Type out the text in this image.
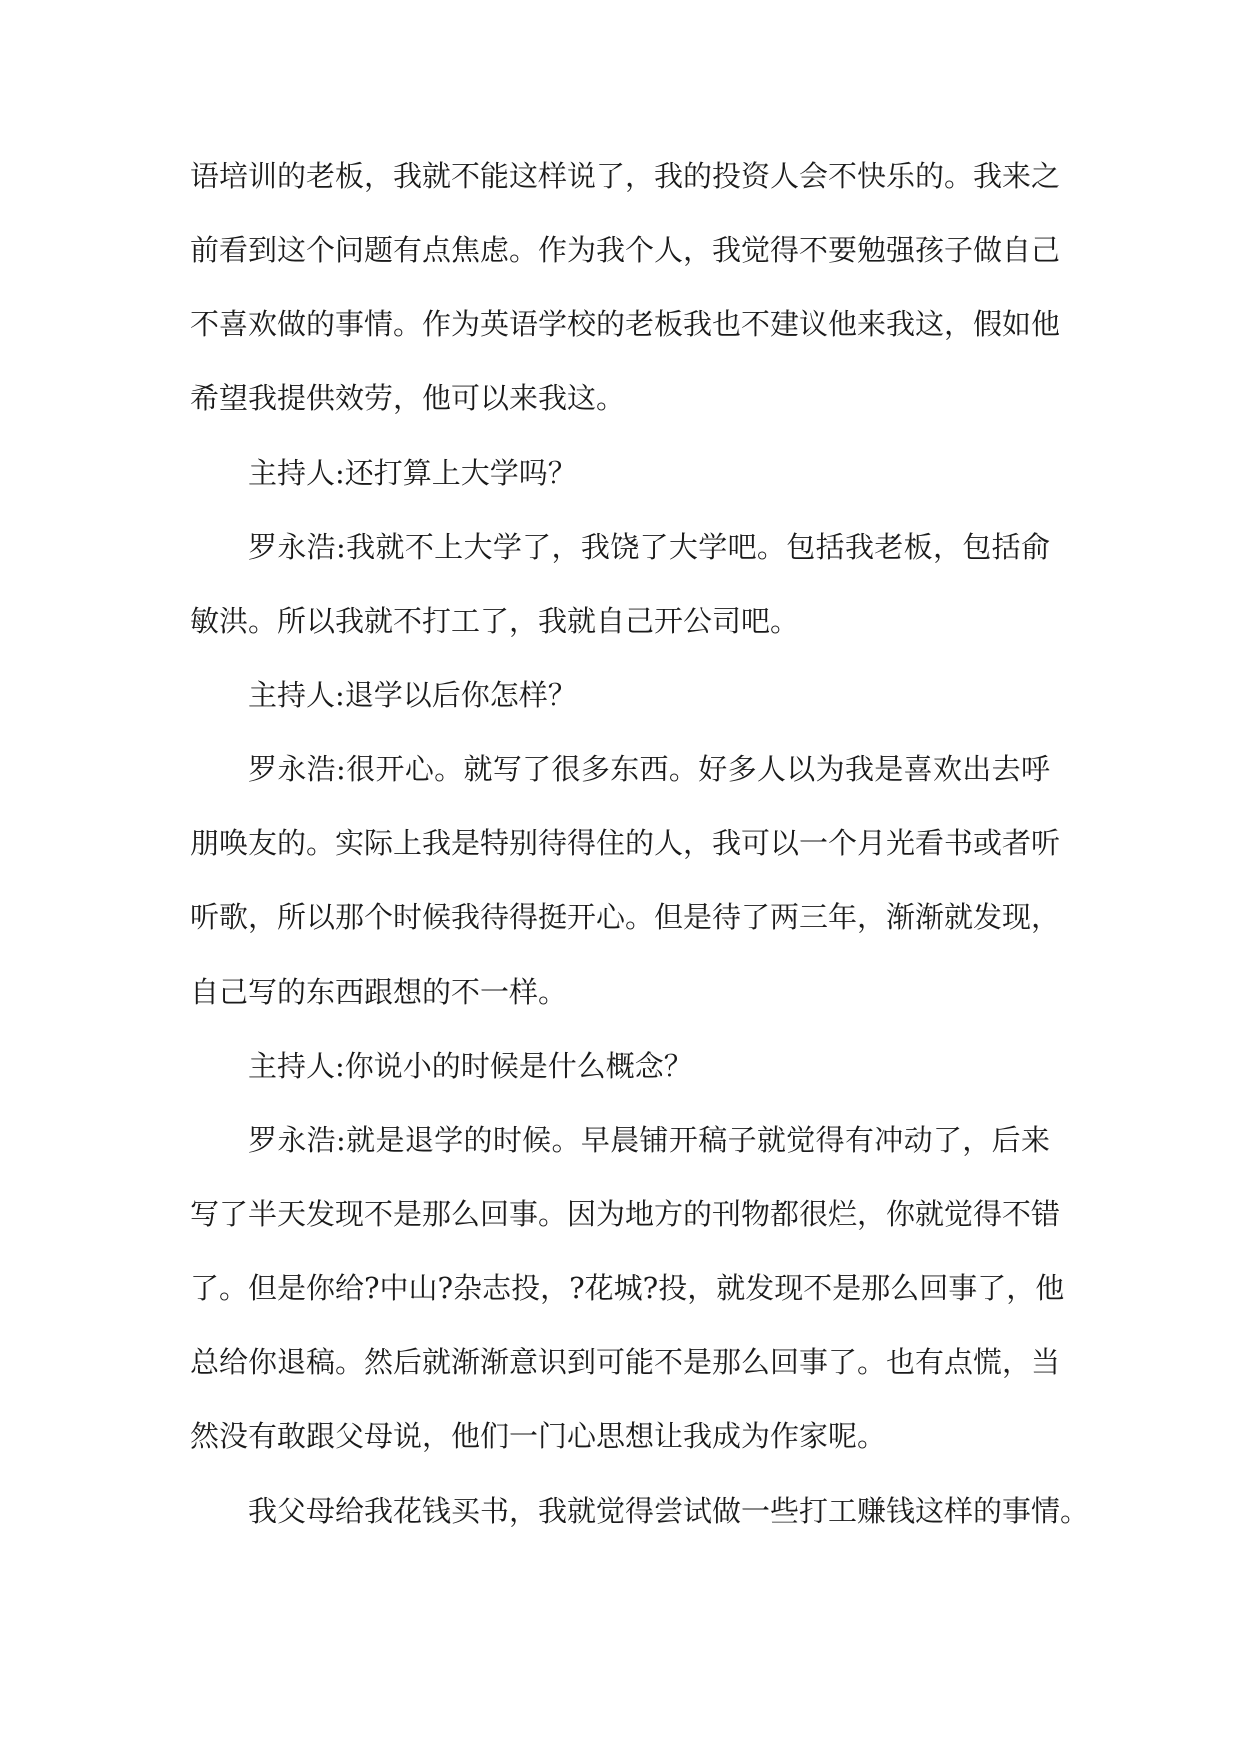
语培训的老板，我就不能这样说了，我的投资人会不快乐的。我来之
前看到这个问题有点焦虑。作为我个人，我觉得不要勉强孩子做自己
不喜欢做的事情。作为英语学校的老板我也不建议他来我这，假如他
希望我提供效劳，他可以来我这。
主持人:还打算上大学吗？
罗永浩:我就不上大学了，我饶了大学吧。包括我老板，包括俞
敏洪。所以我就不打工了，我就自己开公司吧。
主持人:退学以后你怎样？
罗永浩:很开心。就写了很多东西。好多人以为我是喜欢出去呼
朋唤友的。实际上我是特别待得住的人，我可以一个月光看书或者听
听歌，所以那个时候我待得挺开心。但是待了两三年，渐渐就发现，
自己写的东西跟想的不一样。
主持人:你说小的时候是什么概念？
罗永浩:就是退学的时候。早晨铺开稿子就觉得有冲动了，后来
写了半天发现不是那么回事。因为地方的刊物都很烂，你就觉得不错
了。但是你给?中山?杂志投，?花城?投，就发现不是那么回事了，他
总给你退稿。然后就渐渐意识到可能不是那么回事了。也有点慌，当
然没有敢跟父母说，他们一门心思想让我成为作家呢。
我父母给我花钱买书，我就觉得尝试做一些打工赚钱这样的事情。
